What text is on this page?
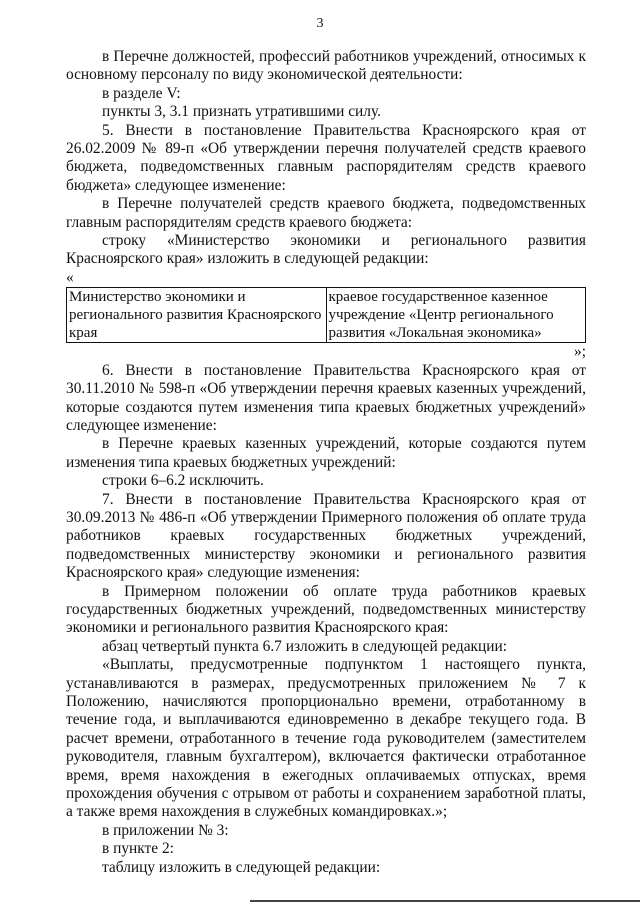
3

в Перечне должностей, профессий работников учреждений, относимых к основному персоналу по виду экономической деятельности:

в разделе V:

пункты 3, 3.1 признать утратившими силу.

5. Внести в постановление Правительства Красноярского края от 26.02.2009 № 89-п «Об утверждении перечня получателей средств краевого бюджета, подведомственных главным распорядителям средств краевого бюджета» следующее изменение:

в Перечне получателей средств краевого бюджета, подведомственных главным распорядителям средств краевого бюджета:

строку «Министерство экономики и регионального развития Красноярского края» изложить в следующей редакции:

«

Министерство экономики и регионального развития Красноярского края	краевое государственное казенное учреждение «Центр регионального развития «Локальная экономика»

»;

6. Внести в постановление Правительства Красноярского края от 30.11.2010 № 598-п «Об утверждении перечня краевых казенных учреждений, которые создаются путем изменения типа краевых бюджетных учреждений» следующее изменение:

в Перечне краевых казенных учреждений, которые создаются путем изменения типа краевых бюджетных учреждений:

строки 6–6.2 исключить.

7. Внести в постановление Правительства Красноярского края от 30.09.2013 № 486-п «Об утверждении Примерного положения об оплате труда работников краевых государственных бюджетных учреждений, подведомственных министерству экономики и регионального развития Красноярского края» следующие изменения:

в Примерном положении об оплате труда работников краевых государственных бюджетных учреждений, подведомственных министерству экономики и регионального развития Красноярского края:

абзац четвертый пункта 6.7 изложить в следующей редакции:

«Выплаты, предусмотренные подпунктом 1 настоящего пункта, устанавливаются в размерах, предусмотренных приложением № 7 к Положению, начисляются пропорционально времени, отработанному в течение года, и выплачиваются единовременно в декабре текущего года. В расчет времени, отработанного в течение года руководителем (заместителем руководителя, главным бухгалтером), включается фактически отработанное время, время нахождения в ежегодных оплачиваемых отпусках, время прохождения обучения с отрывом от работы и сохранением заработной платы, а также время нахождения в служебных командировках.»;

в приложении № 3:

в пункте 2:

таблицу изложить в следующей редакции:
